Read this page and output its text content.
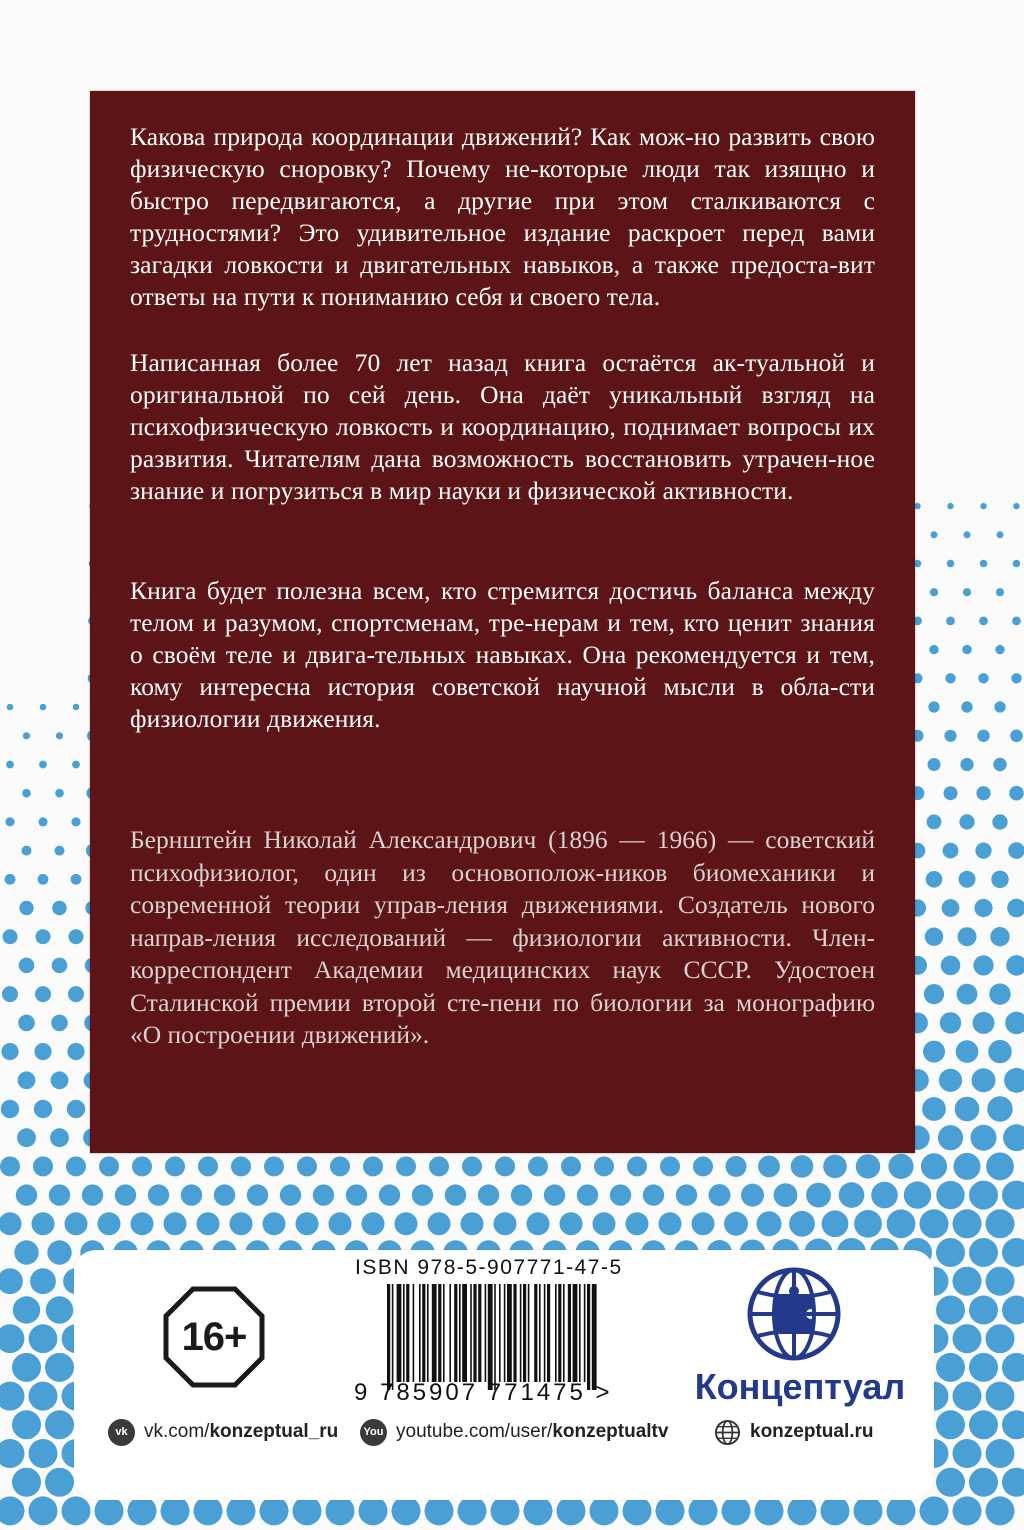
Какова природа координации движений? Как мож-но развить свою физическую сноровку? Почему не-которые люди так изящно и быстро передвигаются, а другие при этом сталкиваются с трудностями? Это удивительное издание раскроет перед вами загадки ловкости и двигательных навыков, а также предоста-вит ответы на пути к пониманию себя и своего тела.

Написанная более 70 лет назад книга остаётся ак-туальной и оригинальной по сей день. Она даёт уникальный взгляд на психофизическую ловкость и координацию, поднимает вопросы их развития. Читателям дана возможность восстановить утрачен-ное знание и погрузиться в мир науки и физической активности.

Книга будет полезна всем, кто стремится достичь баланса между телом и разумом, спортсменам, тре-нерам и тем, кто ценит знания о своём теле и двига-тельных навыках. Она рекомендуется и тем, кому интересна история советской научной мысли в обла-сти физиологии движения.

Бернштейн Николай Александрович (1896 — 1966) — советский психофизиолог, один из основополож-ников биомеханики и современной теории управ-ления движениями. Создатель нового направ-ления исследований — физиологии активности. Член-корреспондент Академии медицинских наук СССР. Удостоен Сталинской премии второй сте-пени по биологии за монографию «О построении движений».

16+
ISBN 978-5-907771-47-5
9 785907 771475 >	Концептуал
vk vk.com/konzeptual_ru	You youtube.com/user/konzeptualtv	konzeptual.ru
